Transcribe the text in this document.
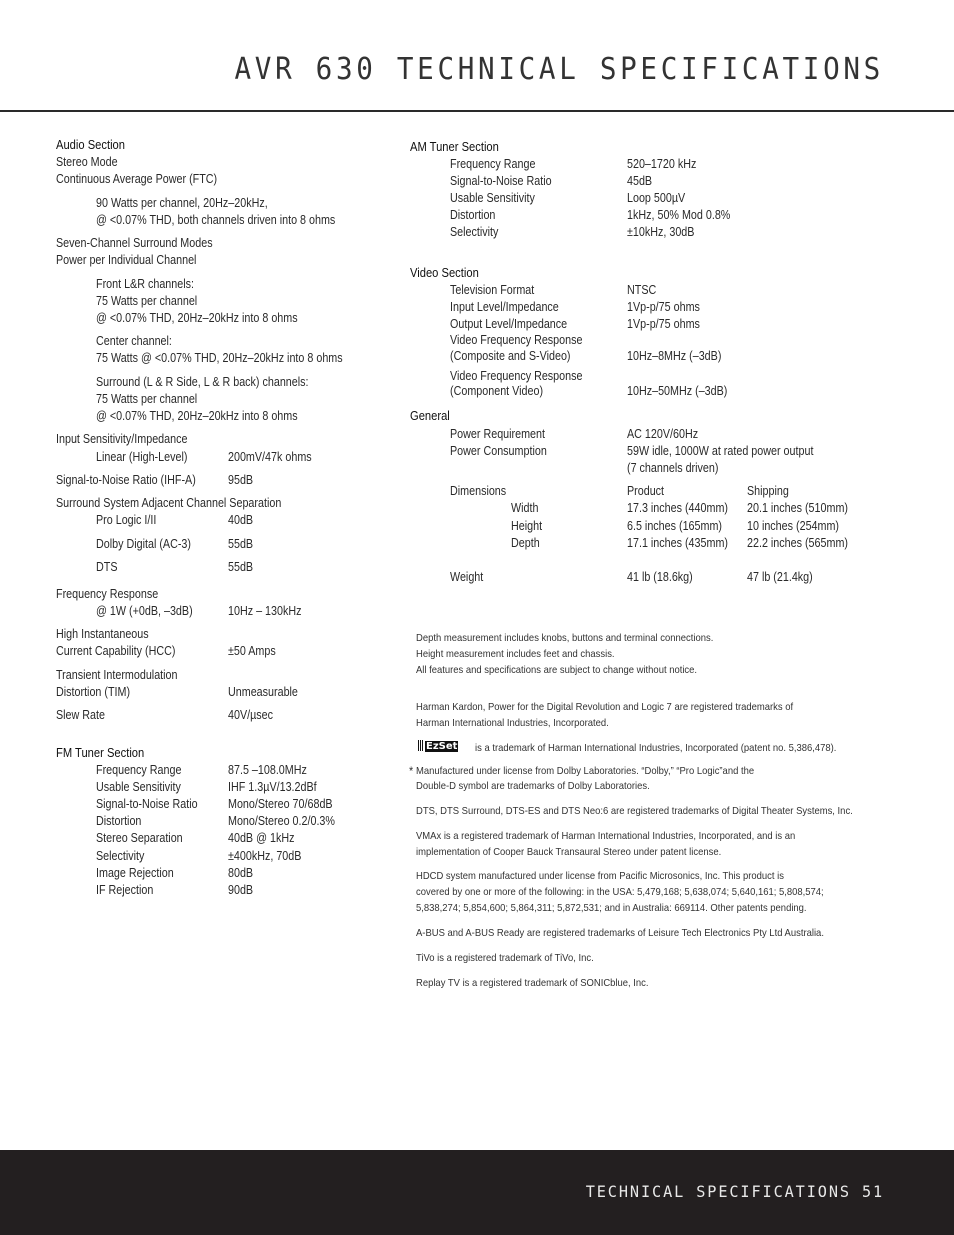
AVR 630 TECHNICAL SPECIFICATIONS
Audio Section
Stereo Mode
Continuous Average Power (FTC)
90 Watts per channel, 20Hz–20kHz,
@ <0.07% THD, both channels driven into 8 ohms
Seven-Channel Surround Modes
Power per Individual Channel
Front L&R channels:
75 Watts per channel
@ <0.07% THD, 20Hz–20kHz into 8 ohms
Center channel:
75 Watts @ <0.07% THD, 20Hz–20kHz into 8 ohms
Surround (L & R Side, L & R back) channels:
75 Watts per channel
@ <0.07% THD, 20Hz–20kHz into 8 ohms
Input Sensitivity/Impedance
Linear (High-Level)	200mV/47k ohms
Signal-to-Noise Ratio (IHF-A)	95dB
Surround System Adjacent Channel Separation
Pro Logic I/II	40dB
Dolby Digital (AC-3)	55dB
DTS	55dB
Frequency Response
@ 1W (+0dB, –3dB)	10Hz – 130kHz
High Instantaneous
Current Capability (HCC)	±50 Amps
Transient Intermodulation
Distortion (TIM)	Unmeasurable
Slew Rate	40V/µsec
FM Tuner Section
Frequency Range	87.5 –108.0MHz
Usable Sensitivity	IHF 1.3µV/13.2dBf
Signal-to-Noise Ratio Mono/Stereo 70/68dB
Distortion	Mono/Stereo 0.2/0.3%
Stereo Separation	40dB @ 1kHz
Selectivity	±400kHz, 70dB
Image Rejection	80dB
IF Rejection	90dB
AM Tuner Section
Frequency Range	520–1720 kHz
Signal-to-Noise Ratio	45dB
Usable Sensitivity	Loop 500µV
Distortion	1kHz, 50% Mod 0.8%
Selectivity	±10kHz, 30dB
Video Section
Television Format	NTSC
Input Level/Impedance	1Vp-p/75 ohms
Output Level/Impedance	1Vp-p/75 ohms
Video Frequency Response
(Composite and S-Video)	10Hz–8MHz (–3dB)
Video Frequency Response
(Component Video)	10Hz–50MHz (–3dB)
General
Power Requirement	AC 120V/60Hz
Power Consumption	59W idle, 1000W at rated power output
(7 channels driven)
Dimensions	Product	Shipping
Width	17.3 inches (440mm) 20.1 inches (510mm)
Height	6.5 inches (165mm) 10 inches (254mm)
Depth	17.1 inches (435mm) 22.2 inches (565mm)
Weight	41 lb (18.6kg)	47 lb (21.4kg)
Depth measurement includes knobs, buttons and terminal connections.
Height measurement includes feet and chassis.
All features and specifications are subject to change without notice.
Harman Kardon, Power for the Digital Revolution and Logic 7 are registered trademarks of
Harman International Industries, Incorporated.
EzSet is a trademark of Harman International Industries, Incorporated (patent no. 5,386,478).
* Manufactured under license from Dolby Laboratories. “Dolby,” “Pro Logic”and the
Double-D symbol are trademarks of Dolby Laboratories.
DTS, DTS Surround, DTS-ES and DTS Neo:6 are registered trademarks of Digital Theater Systems, Inc.
VMAx is a registered trademark of Harman International Industries, Incorporated, and is an
implementation of Cooper Bauck Transaural Stereo under patent license.
HDCD system manufactured under license from Pacific Microsonics, Inc. This product is
covered by one or more of the following: in the USA: 5,479,168; 5,638,074; 5,640,161; 5,808,574;
5,838,274; 5,854,600; 5,864,311; 5,872,531; and in Australia: 669114. Other patents pending.
A-BUS and A-BUS Ready are registered trademarks of Leisure Tech Electronics Pty Ltd Australia.
TiVo is a registered trademark of TiVo, Inc.
Replay TV is a registered trademark of SONICblue, Inc.
TECHNICAL SPECIFICATIONS 51
